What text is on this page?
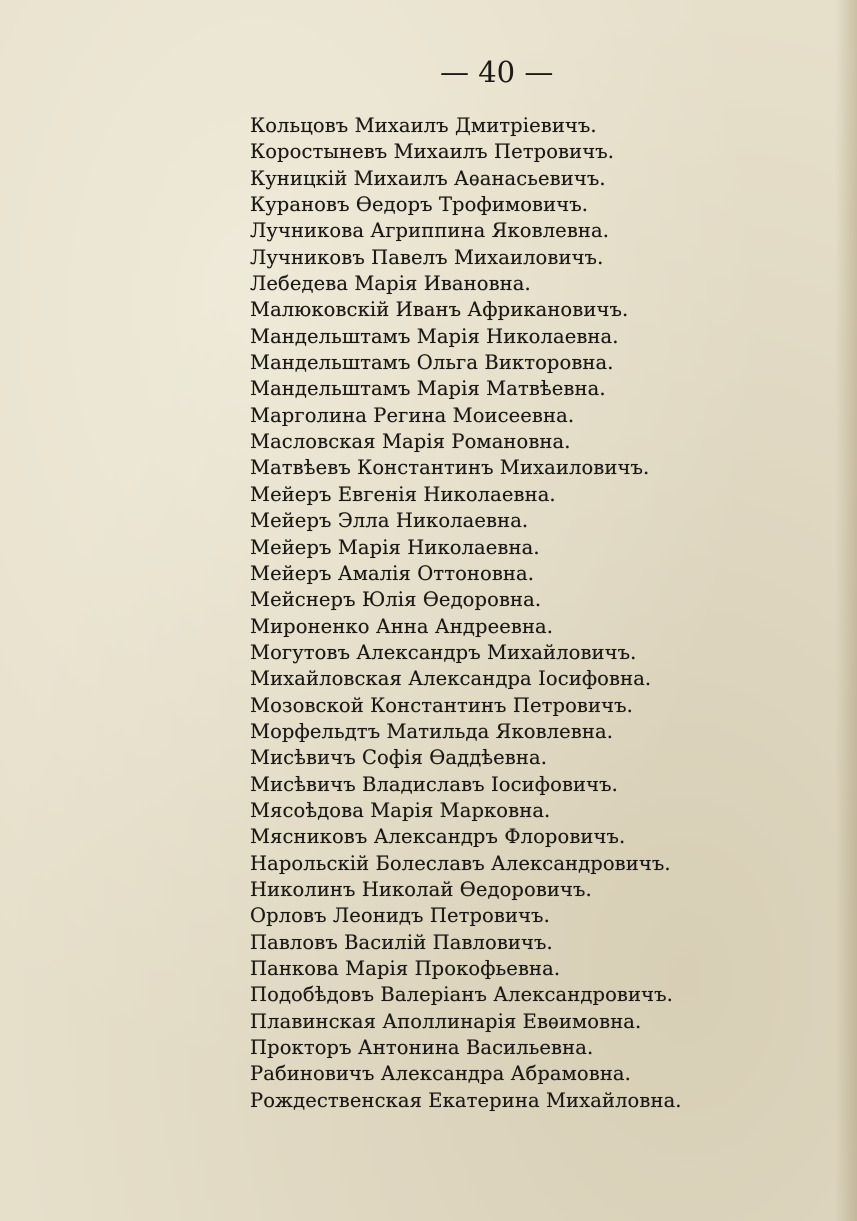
— 40 —
Кольцовъ Михаилъ Дмитріевичъ.
Коростыневъ Михаилъ Петровичъ.
Куницкій Михаилъ Аѳанасьевичъ.
Курановъ Ѳедоръ Трофимовичъ.
Лучникова Агриппина Яковлевна.
Лучниковъ Павелъ Михаиловичъ.
Лебедева Марія Ивановна.
Малюковскій Иванъ Африкановичъ.
Мандельштамъ Марія Николаевна.
Мандельштамъ Ольга Викторовна.
Мандельштамъ Марія Матвѣевна.
Марголина Регина Моисеевна.
Масловская Марія Романовна.
Матвѣевъ Константинъ Михаиловичъ.
Мейеръ Евгенія Николаевна.
Мейеръ Элла Николаевна.
Мейеръ Марія Николаевна.
Мейеръ Амалія Оттоновна.
Мейснеръ Юлія Ѳедоровна.
Мироненко Анна Андреевна.
Могутовъ Александръ Михайловичъ.
Михайловская Александра Іосифовна.
Мозовской Константинъ Петровичъ.
Морфельдтъ Матильда Яковлевна.
Мисѣвичъ Софія Ѳаддѣевна.
Мисѣвичъ Владиславъ Іосифовичъ.
Мясоѣдова Марія Марковна.
Мясниковъ Александръ Флоровичъ.
Нарольскій Болеславъ Александровичъ.
Николинъ Николай Ѳедоровичъ.
Орловъ Леонидъ Петровичъ.
Павловъ Василій Павловичъ.
Панкова Марія Прокофьевна.
Подобѣдовъ Валеріанъ Александровичъ.
Плавинская Аполлинарія Евѳимовна.
Прокторъ Антонина Васильевна.
Рабиновичъ Александра Абрамовна.
Рождественская Екатерина Михайловна.
